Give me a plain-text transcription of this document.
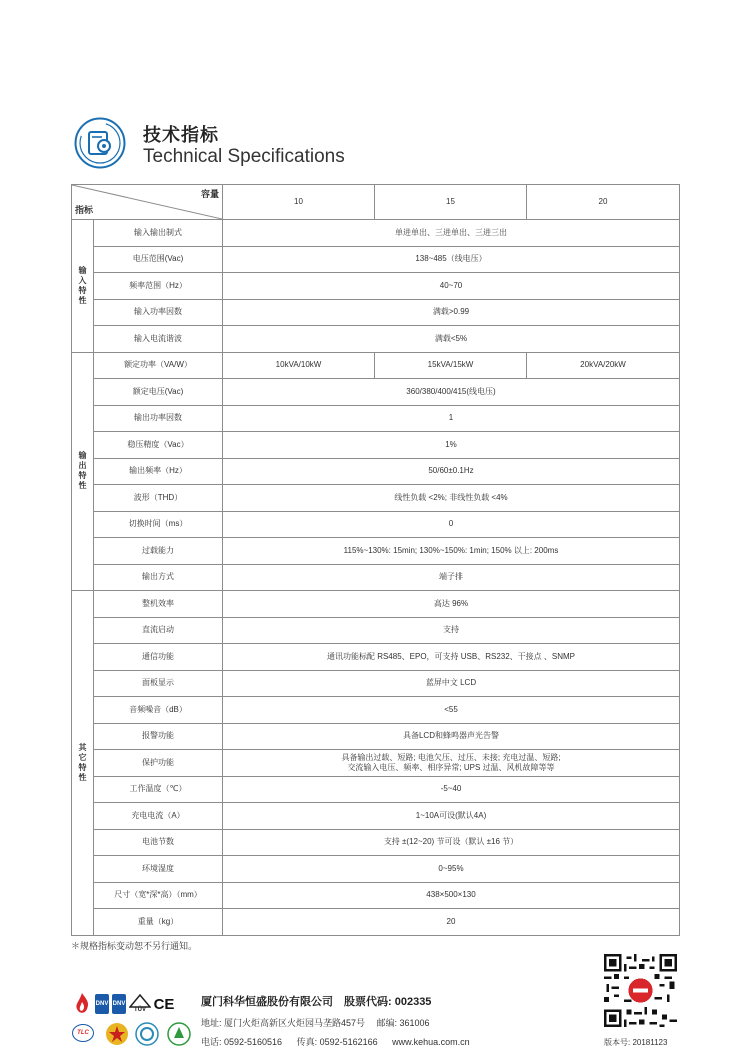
技术指标
Technical Specifications
容量
指标		10	15	20
输入特性	输入输出制式	单进单出、三进单出、三进三出		
	电压范围(Vac)	138~485（线电压）		
	频率范围（Hz）	40~70		
	输入功率因数	满载>0.99		
	输入电流谐波	满载<5%		
输出特性	额定功率（VA/W）	10kVA/10kW	15kVA/15kW	20kVA/20kW
	额定电压(Vac)	360/380/400/415(线电压)		
	输出功率因数	1		
	稳压精度（Vac）	1%		
	输出频率（Hz）	50/60±0.1Hz		
	波形（THD）	线性负载 <2%; 非线性负载 <4%		
	切换时间（ms）	0		
	过载能力	115%~130%: 15min; 130%~150%: 1min; 150% 以上: 200ms		
	输出方式	端子排		
其它特性	整机效率	高达 96%		
	直流启动	支持		
	通信功能	通讯功能标配 RS485、EPO，可支持 USB、RS232、干接点 、SNMP		
	面板显示	蓝屏中文 LCD		
	音频噪音（dB）	<55		
	报警功能	具备LCD和蜂鸣器声光告警		
	保护功能	具备输出过载、短路; 电池欠压、过压、未接; 充电过温、短路;
交流输入电压、频率、相序异常; UPS 过温、风机故障等等		

	工作温度（℃）	-5~40		
	充电电流（A）	1~10A可设(默认4A)		
	电池节数	支持 ±(12~20) 节可设（默认 ±16 节）		
	环境湿度	0~95%		
	尺寸（宽*深*高）（mm）	438×500×130		
	重量（kg）	20		
＊规格指标变动恕不另行通知。
DNV DNV
TÜV CE
TLC
厦门科华恒盛股份有限公司　股票代码: 002335
地址: 厦门火炬高新区火炬园马垄路457号　 邮编: 361006
电话: 0592-5160516 传真: 0592-5162166 www.kehua.com.cn	版本号: 20181123
